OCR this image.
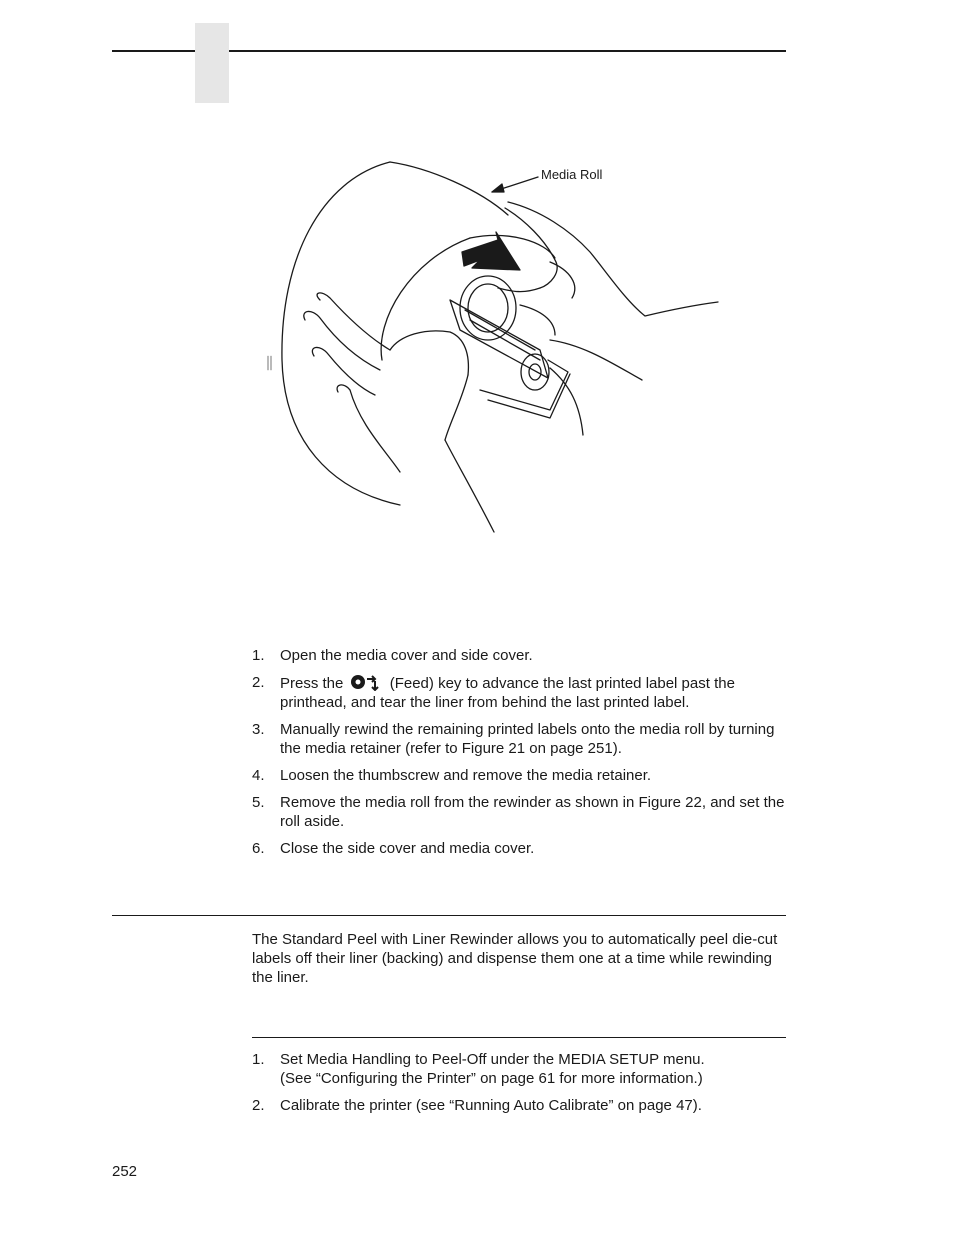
Media Roll
1. Open the media cover and side cover.
2. Press the	(Feed) key to advance the last printed label past the
printhead, and tear the liner from behind the last printed label.
3. Manually rewind the remaining printed labels onto the media roll by turning the media retainer (refer to Figure 21 on page 251).
4. Loosen the thumbscrew and remove the media retainer.
5. Remove the media roll from the rewinder as shown in Figure 22, and set the roll aside.
6. Close the side cover and media cover.
The Standard Peel with Liner Rewinder allows you to automatically peel die-cut labels off their liner (backing) and dispense them one at a time while rewinding the liner.
1. Set Media Handling to Peel-Off under the MEDIA SETUP menu.
(See “Configuring the Printer” on page 61 for more information.)
2. Calibrate the printer (see “Running Auto Calibrate” on page 47).
252
